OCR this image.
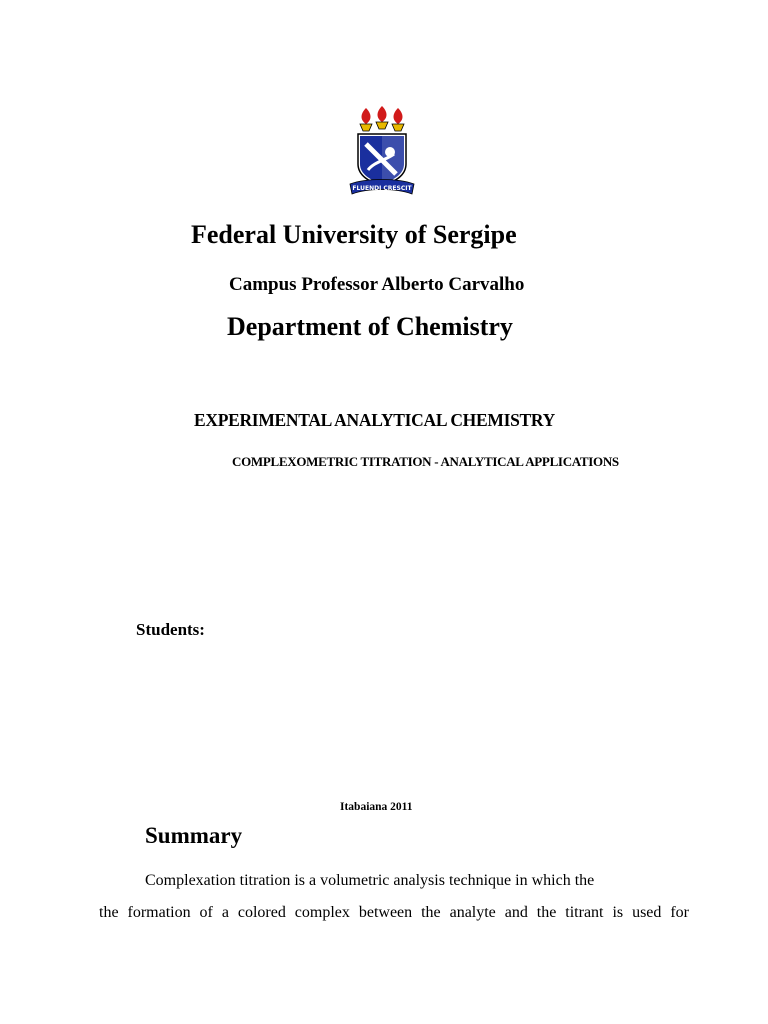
FLUENDI CRESCIT
Federal University of Sergipe
Campus Professor Alberto Carvalho
Department of Chemistry
EXPERIMENTAL ANALYTICAL CHEMISTRY
COMPLEXOMETRIC TITRATION - ANALYTICAL APPLICATIONS
Students:
Itabaiana 2011
Summary
Complexation titration is a volumetric analysis technique in which the
the formation of a colored complex between the analyte and the titrant is used for
